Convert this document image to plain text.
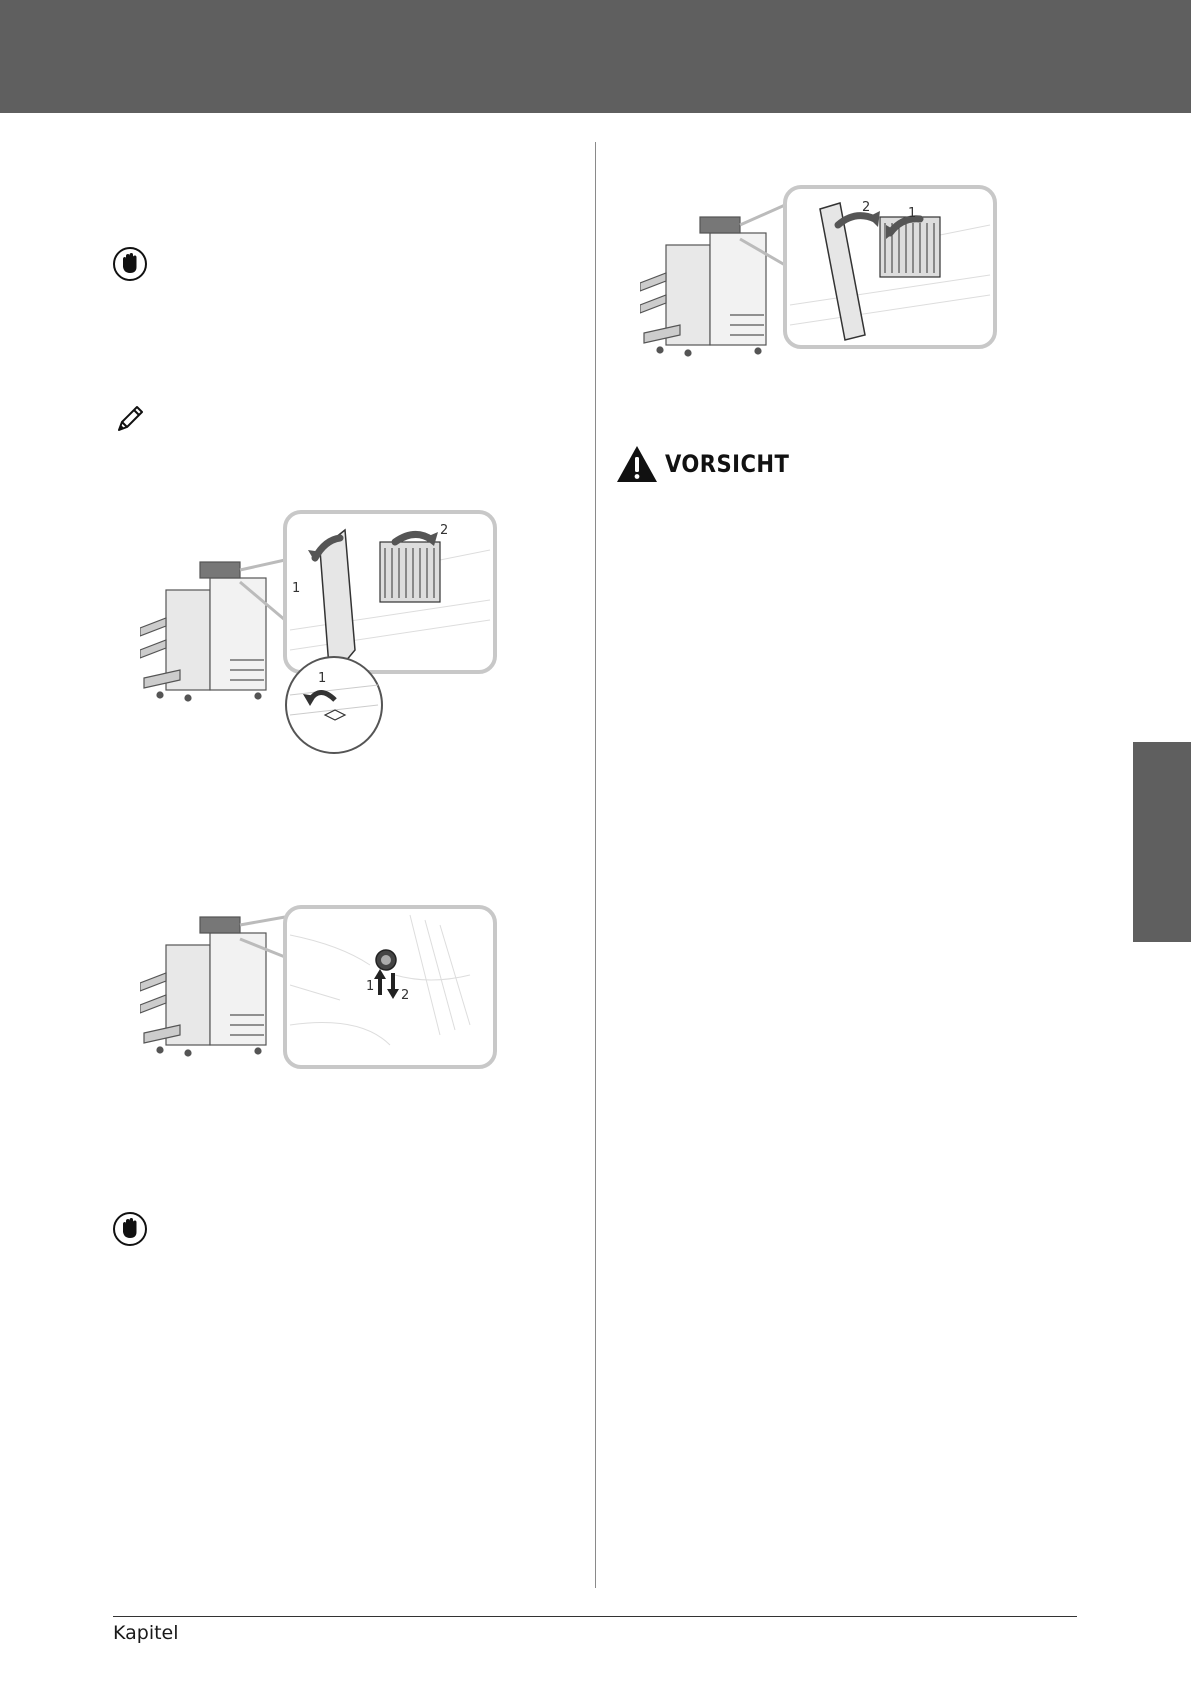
1
2
1
1
2
2	1
VORSICHT
Kapitel
